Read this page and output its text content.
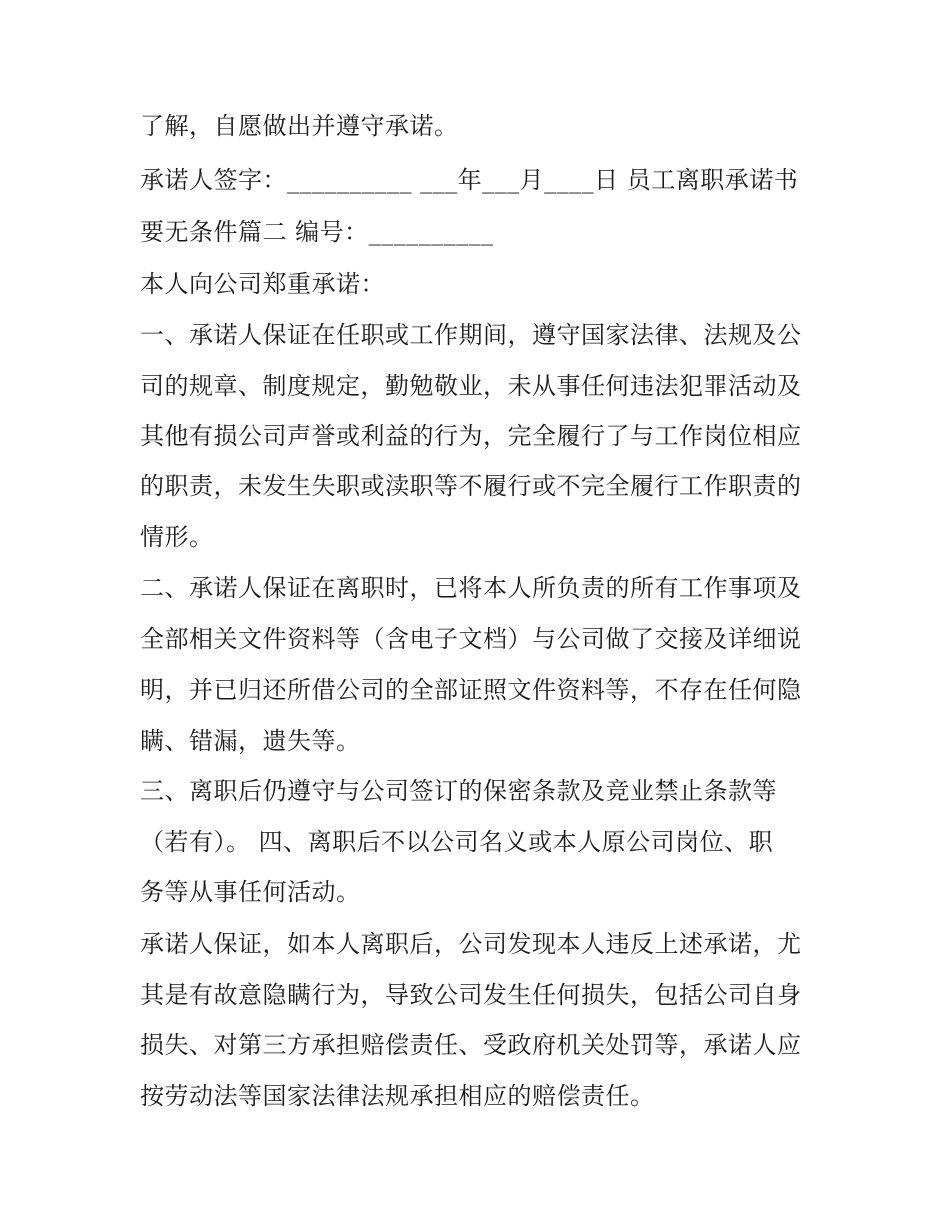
了解，自愿做出并遵守承诺。
承诺人签字：__________ ___年___月____日 员工离职承诺书
要无条件篇二 编号：__________
本人向公司郑重承诺：
一、承诺人保证在任职或工作期间，遵守国家法律、法规及公
司的规章、制度规定，勤勉敬业，未从事任何违法犯罪活动及
其他有损公司声誉或利益的行为，完全履行了与工作岗位相应
的职责，未发生失职或渎职等不履行或不完全履行工作职责的
情形。
二、承诺人保证在离职时，已将本人所负责的所有工作事项及
全部相关文件资料等（含电子文档）与公司做了交接及详细说
明，并已归还所借公司的全部证照文件资料等，不存在任何隐
瞒、错漏，遗失等。
三、离职后仍遵守与公司签订的保密条款及竞业禁止条款等
（若有）。 四、离职后不以公司名义或本人原公司岗位、职
务等从事任何活动。
承诺人保证，如本人离职后，公司发现本人违反上述承诺，尤
其是有故意隐瞒行为，导致公司发生任何损失，包括公司自身
损失、对第三方承担赔偿责任、受政府机关处罚等，承诺人应
按劳动法等国家法律法规承担相应的赔偿责任。
